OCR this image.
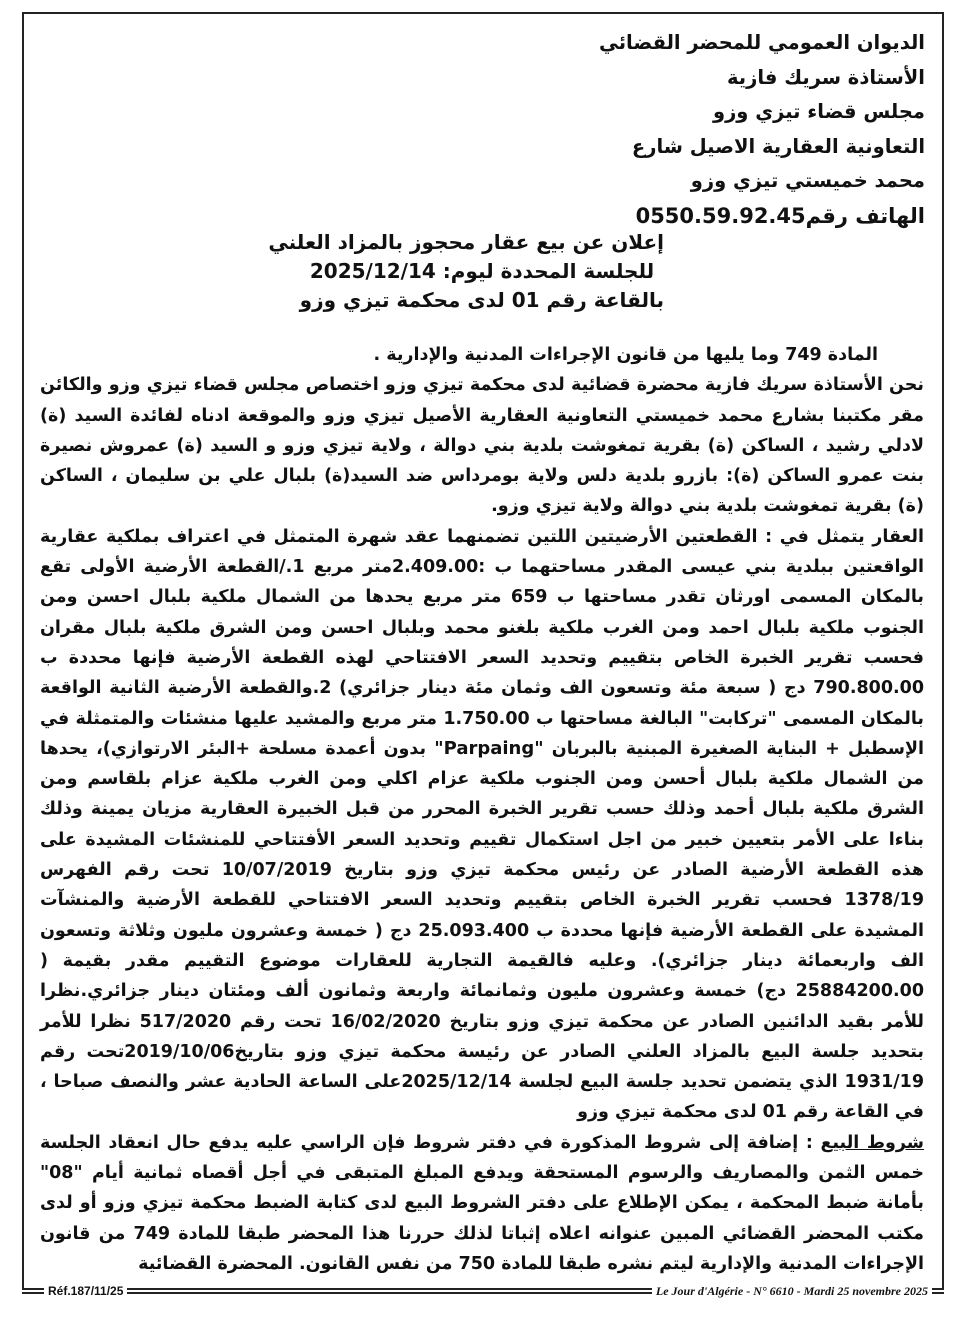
الديوان العمومي للمحضر القضائي
الأستاذة سريك فازية
مجلس قضاء تيزي وزو
التعاونية العقارية الاصيل شارع
محمد خميستي تيزي وزو
الهاتف رقم0550.59.92.45
إعلان عن بيع عقار محجوز بالمزاد العلني
للجلسة المحددة ليوم: 2025/12/14
بالقاعة رقم 01 لدى محكمة تيزي وزو

المادة 749 وما يليها من قانون الإجراءات المدنية والإدارية .

نحن الأستاذة سريك فازية محضرة قضائية لدى محكمة تيزي وزو اختصاص مجلس قضاء تيزي وزو والكائن مقر مكتبنا بشارع محمد خميستي التعاونية العقارية الأصيل تيزي وزو والموقعة ادناه لفائدة السيد (ة) لادلي رشيد ، الساكن (ة) بقرية تمغوشت بلدية بني دوالة ، ولاية تيزي وزو و السيد (ة) عمروش نصيرة بنت عمرو الساكن (ة): بازرو بلدية دلس ولاية بومرداس ضد السيد(ة) بلبال علي بن سليمان ، الساكن (ة) بقرية تمغوشت بلدية بني دوالة ولاية تيزي وزو.

العقار يتمثل في : القطعتين الأرضيتين اللتين تضمنهما عقد شهرة المتمثل في اعتراف بملكية عقارية الواقعتين ببلدية بني عيسى المقدر مساحتهما ب :2.409.00متر مربع 1./القطعة الأرضية الأولى تقع بالمكان المسمى اورثان تقدر مساحتها ب 659 متر مربع يحدها من الشمال ملكية بلبال احسن ومن الجنوب ملكية بلبال احمد ومن الغرب ملكية بلغنو محمد وبلبال احسن ومن الشرق ملكية بلبال مقران فحسب تقرير الخبرة الخاص بتقييم وتحديد السعر الافتتاحي لهذه القطعة الأرضية فإنها محددة ب 790.800.00 دج ( سبعة مئة وتسعون الف وثمان مئة دينار جزائري) 2.والقطعة الأرضية الثانية الواقعة بالمكان المسمى "تركابت" البالغة مساحتها ب 1.750.00 متر مربع والمشيد عليها منشئات والمتمثلة في الإسطبل + البناية الصغيرة المبنية بالبربان "Parpaing" بدون أعمدة مسلحة +البئر الارتوازي)، يحدها من الشمال ملكية بلبال أحسن ومن الجنوب ملكية عزام اكلي ومن الغرب ملكية عزام بلقاسم ومن الشرق ملكية بلبال أحمد وذلك حسب تقرير الخبرة المحرر من قبل الخبيرة العقارية مزيان يمينة وذلك بناءا على الأمر بتعيين خبير من اجل استكمال تقييم وتحديد السعر الأفتتاحي للمنشئات المشيدة على هذه القطعة الأرضية الصادر عن رئيس محكمة تيزي وزو بتاريخ 10/07/2019 تحت رقم الفهرس 1378/19 فحسب تقرير الخبرة الخاص بتقييم وتحديد السعر الافتتاحي للقطعة الأرضية والمنشآت المشيدة على القطعة الأرضية فإنها محددة ب 25.093.400 دج ( خمسة وعشرون مليون وثلاثة وتسعون الف واربعمائة دينار جزائري). وعليه فالقيمة التجارية للعقارات موضوع التقييم مقدر بقيمة ( 25884200.00 دج) خمسة وعشرون مليون وثمانمائة واربعة وثمانون ألف ومئتان دينار جزائري.نظرا للأمر بقيد الدائنين الصادر عن محكمة تيزي وزو بتاريخ 16/02/2020 تحت رقم 517/2020 نظرا للأمر بتحديد جلسة البيع بالمزاد العلني الصادر عن رئيسة محكمة تيزي وزو بتاريخ2019/10/06تحت رقم 1931/19 الذي يتضمن تحديد جلسة البيع لجلسة 2025/12/14على الساعة الحادية عشر والنصف صباحا ، في القاعة رقم 01 لدى محكمة تيزي وزو

شروط البيع : إضافة إلى شروط المذكورة في دفتر شروط فإن الراسي عليه يدفع حال انعقاد الجلسة خمس الثمن والمصاريف والرسوم المستحقة ويدفع المبلغ المتبقى في أجل أقصاه ثمانية أيام "08" بأمانة ضبط المحكمة ، يمكن الإطلاع على دفتر الشروط البيع لدى كتابة الضبط محكمة تيزي وزو أو لدى مكتب المحضر القضائي المبين عنوانه اعلاه إثباتا لذلك حررنا هذا المحضر طبقا للمادة 749 من قانون الإجراءات المدنية والإدارية ليتم نشره طبقا للمادة 750 من نفس القانون. المحضرة القضائية

Réf.187/11/25	Le Jour d'Algérie - N° 6610 - Mardi 25 novembre 2025
